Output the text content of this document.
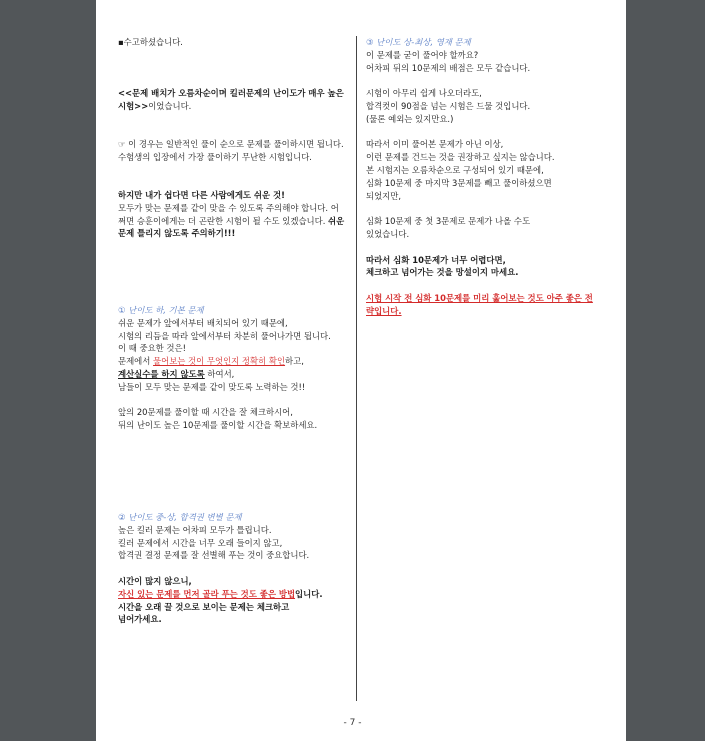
▪수고하셨습니다.

<<문제 배치가 오름차순이며 킬러문제의 난이도가 매우 높은 시험>>이었습니다.

☞ 이 경우는 일반적인 풀이 순으로 문제를 풀이하시면 됩니다. 수험생의 입장에서 가장 풀이하기 무난한 시험입니다.

하지만 내가 쉽다면 다른 사람에게도 쉬운 것!

모두가 맞는 문제를 같이 맞을 수 있도록 주의해야 합니다. 어쩌면 승훈이에게는 더 곤란한 시험이 될 수도 있겠습니다. 쉬운 문제 틀리지 않도록 주의하기!!!

① 난이도 하, 기본 문제

쉬운 문제가 앞에서부터 배치되어 있기 때문에,

시험의 리듬을 따라 앞에서부터 차분히 풀어나가면 됩니다.

이 때 중요한 것은!

문제에서 물어보는 것이 무엇인지 정확히 확인하고,

계산실수를 하지 않도록 하여서,

남들이 모두 맞는 문제를 같이 맞도록 노력하는 것!!

앞의 20문제를 풀이할 때 시간을 잘 체크하시어,

뒤의 난이도 높은 10문제를 풀이할 시간을 확보하세요.

② 난이도 중-상, 합격권 변별 문제

높은 킬러 문제는 어차피 모두가 틀립니다.

킬러 문제에서 시간을 너무 오래 들이지 않고,

합격권 결정 문제를 잘 선별해 푸는 것이 중요합니다.

시간이 많지 않으니,

자신 있는 문제를 먼저 골라 푸는 것도 좋은 방법입니다.

시간을 오래 끌 것으로 보이는 문제는 체크하고

넘어가세요.

③ 난이도 상-최상, 영재 문제

이 문제를 굳이 풀어야 할까요?

어차피 뒤의 10문제의 배점은 모두 같습니다.

시험이 아무리 쉽게 나오더라도,

합격컷이 90점을 넘는 시험은 드물 것입니다.

(물론 예외는 있지만요.)

따라서 이미 풀어본 문제가 아닌 이상,

이런 문제를 건드는 것을 권장하고 싶지는 않습니다.

본 시험지는 오름차순으로 구성되어 있기 때문에,

심화 10문제 중 마지막 3문제를 빼고 풀이하셨으면

되었지만,

심화 10문제 중 첫 3문제로 문제가 나올 수도

있었습니다.

따라서 심화 10문제가 너무 어렵다면,

체크하고 넘어가는 것을 망설이지 마세요.

시험 시작 전 심화 10문제를 미리 훑어보는 것도 아주 좋은 전략입니다.

- 7 -
